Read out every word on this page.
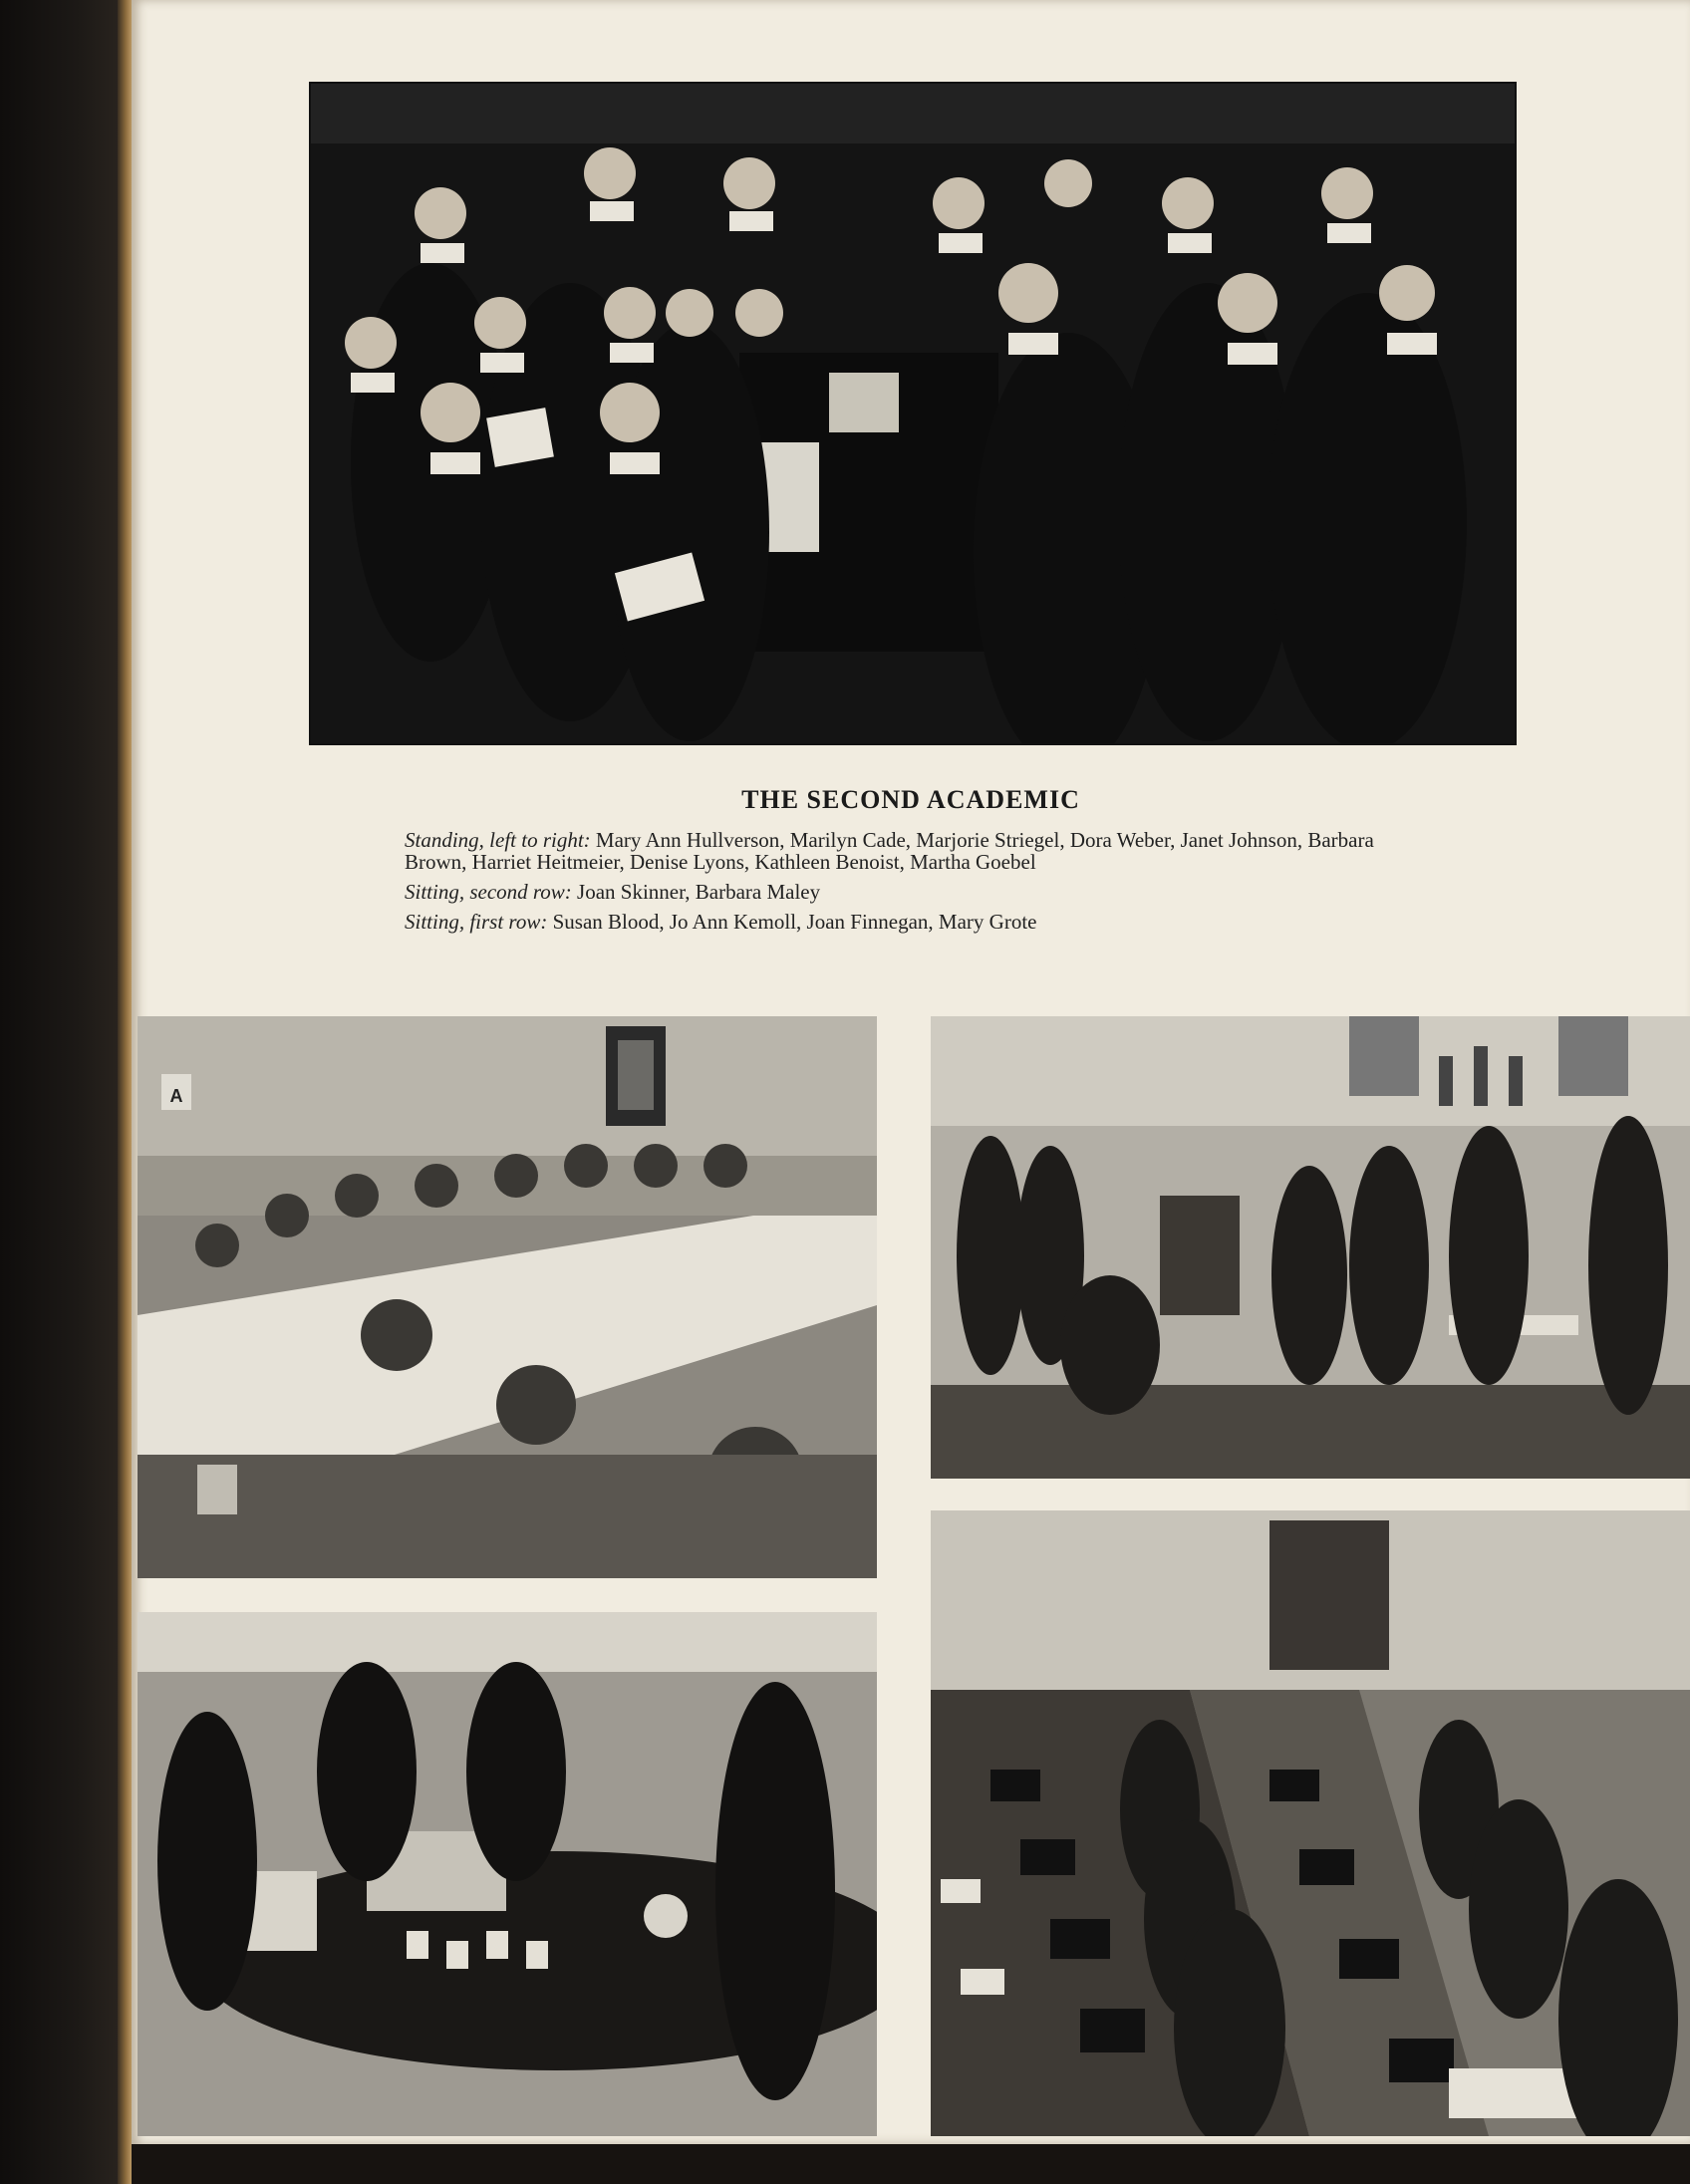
THE SECOND ACADEMIC

Standing, left to right: Mary Ann Hullverson, Marilyn Cade, Marjorie Striegel, Dora Weber, Janet Johnson, Barbara Brown, Harriet Heitmeier, Denise Lyons, Kathleen Benoist, Martha Goebel

Sitting, second row: Joan Skinner, Barbara Maley

Sitting, first row: Susan Blood, Jo Ann Kemoll, Joan Finnegan, Mary Grote

A
